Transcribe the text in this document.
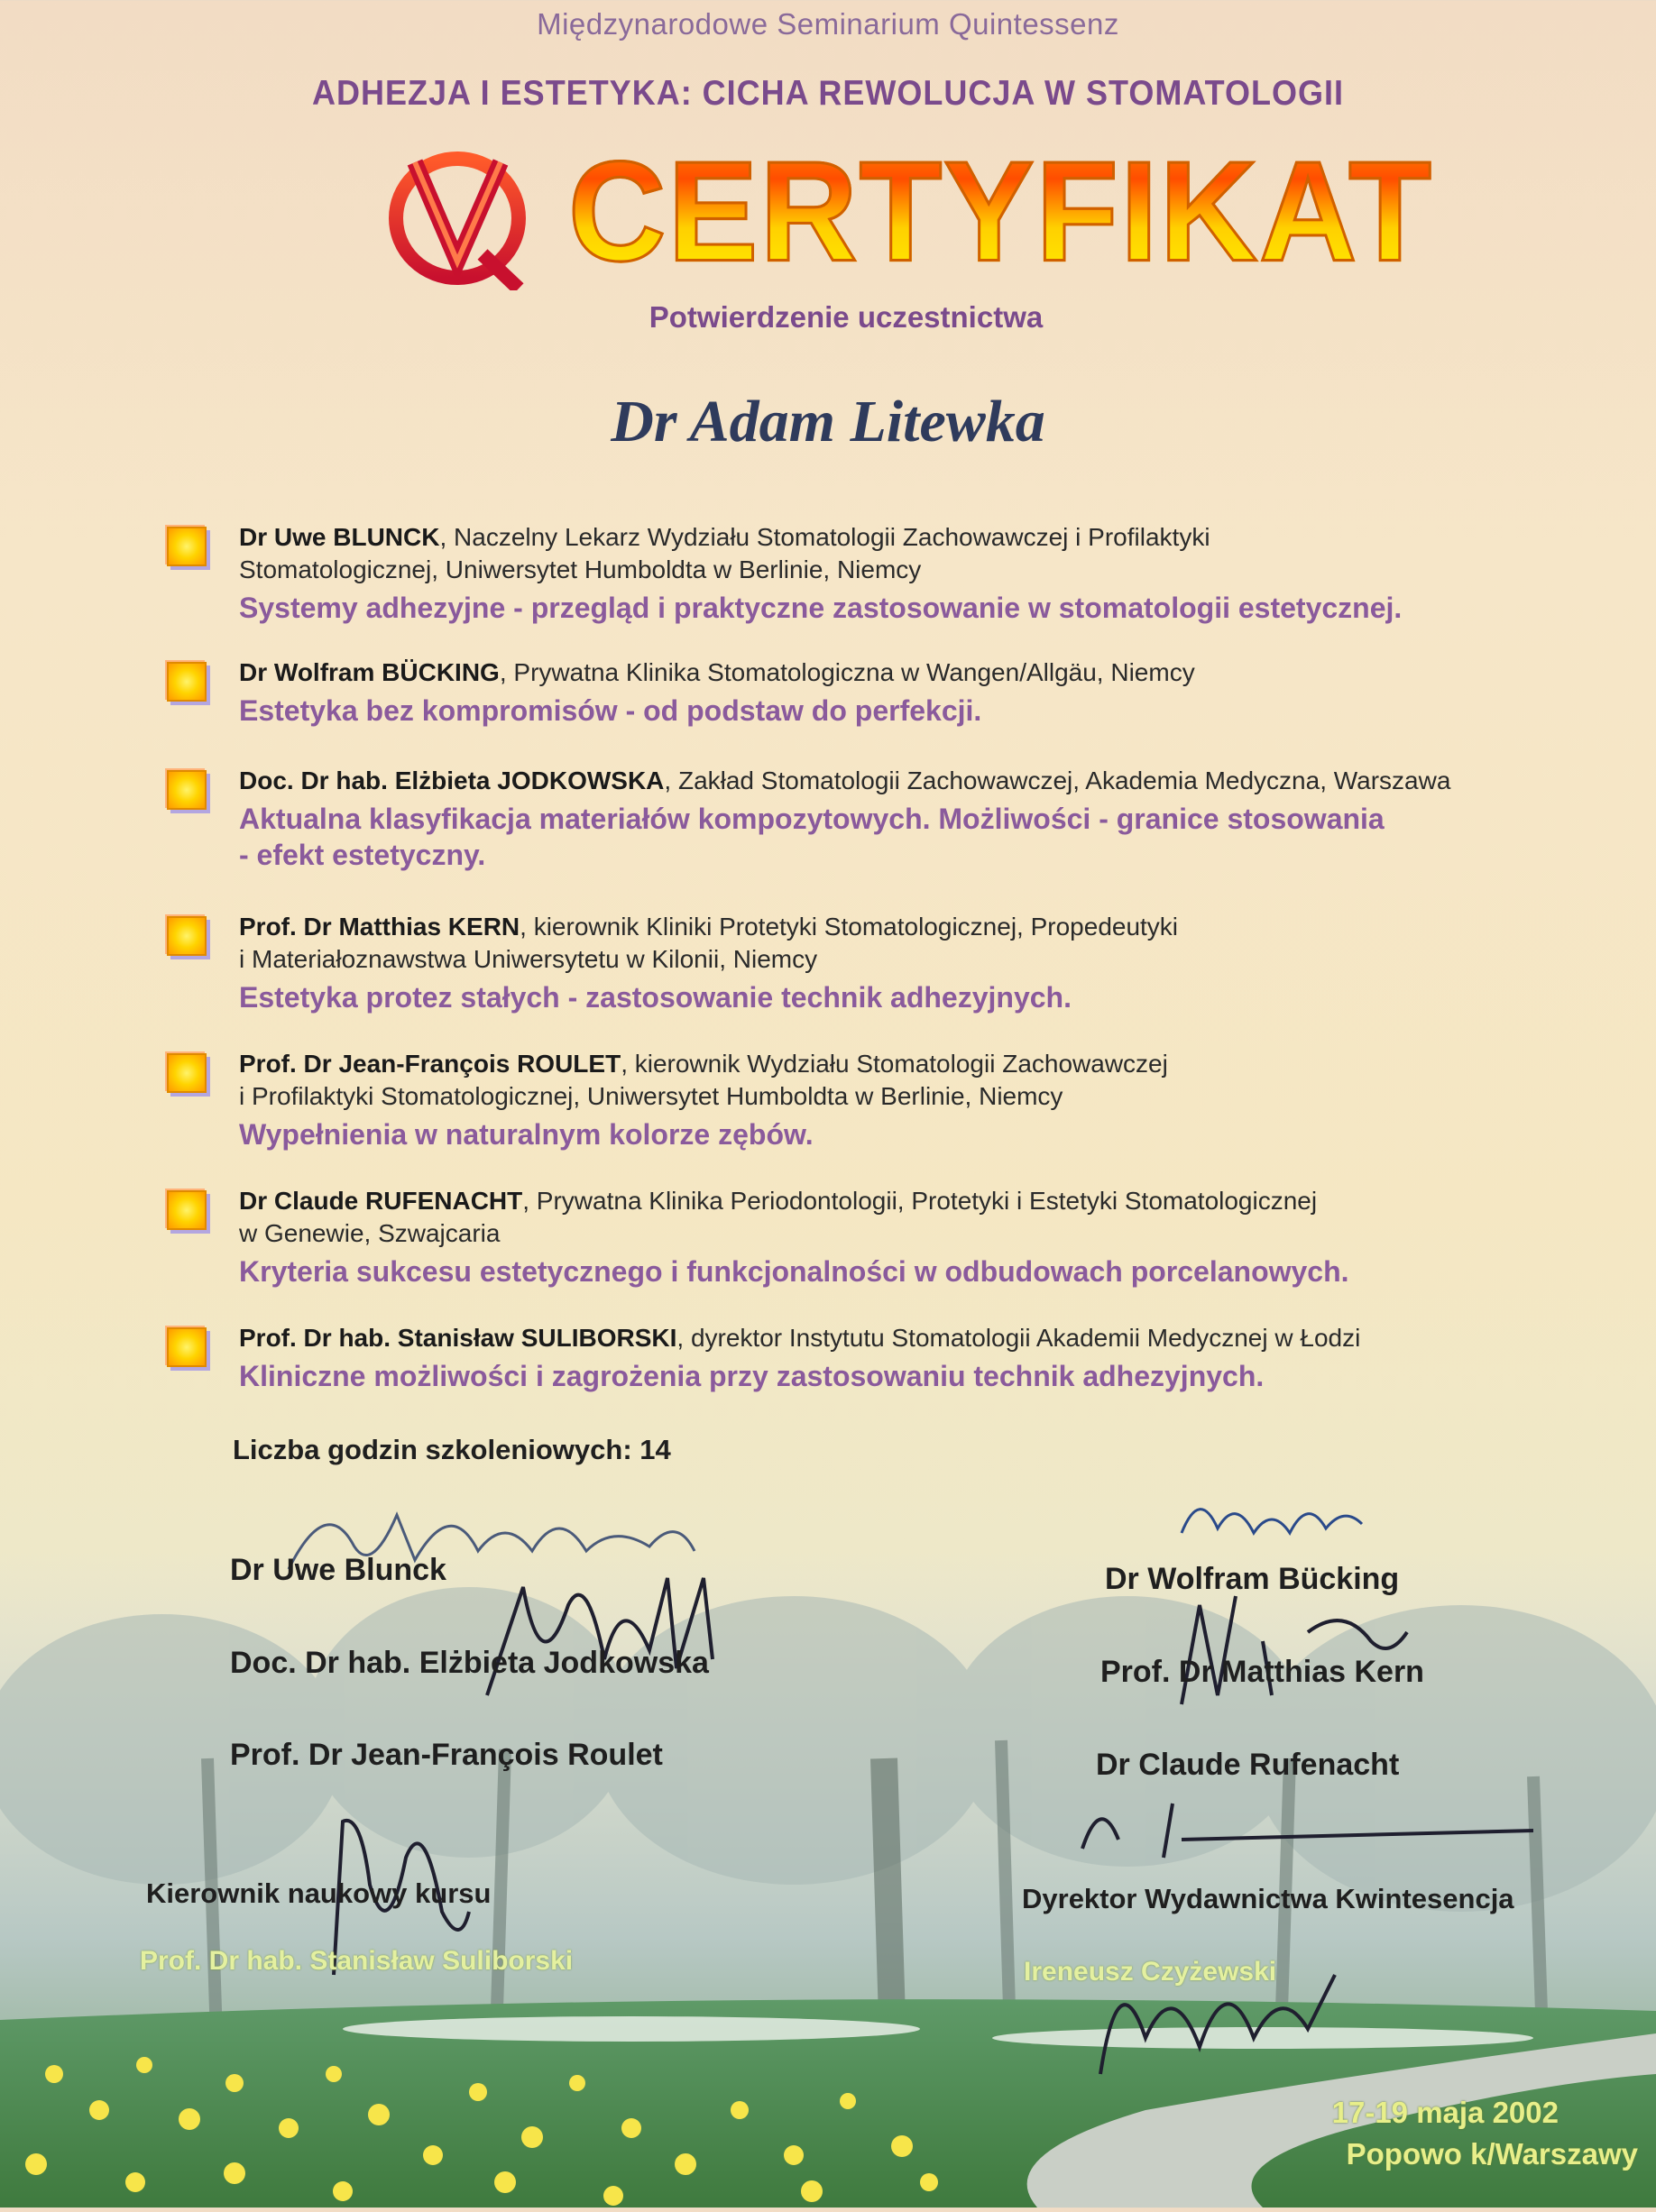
Międzynarodowe Seminarium Quintessenz
ADHEZJA I ESTETYKA: CICHA REWOLUCJA W STOMATOLOGII
CERTYFIKAT
Potwierdzenie uczestnictwa
Dr Adam Litewka
Dr Uwe BLUNCK, Naczelny Lekarz Wydziału Stomatologii Zachowawczej i Profilaktyki
Stomatologicznej, Uniwersytet Humboldta w Berlinie, Niemcy
Systemy adhezyjne - przegląd i praktyczne zastosowanie w stomatologii estetycznej.
Dr Wolfram BÜCKING, Prywatna Klinika Stomatologiczna w Wangen/Allgäu, Niemcy
Estetyka bez kompromisów - od podstaw do perfekcji.
Doc. Dr hab. Elżbieta JODKOWSKA, Zakład Stomatologii Zachowawczej, Akademia Medyczna, Warszawa
Aktualna klasyfikacja materiałów kompozytowych. Możliwości - granice stosowania
- efekt estetyczny.
Prof. Dr Matthias KERN, kierownik Kliniki Protetyki Stomatologicznej, Propedeutyki
i Materiałoznawstwa Uniwersytetu w Kilonii, Niemcy
Estetyka protez stałych - zastosowanie technik adhezyjnych.
Prof. Dr Jean-François ROULET, kierownik Wydziału Stomatologii Zachowawczej
i Profilaktyki Stomatologicznej, Uniwersytet Humboldta w Berlinie, Niemcy
Wypełnienia w naturalnym kolorze zębów.
Dr Claude RUFENACHT, Prywatna Klinika Periodontologii, Protetyki i Estetyki Stomatologicznej
w Genewie, Szwajcaria
Kryteria sukcesu estetycznego i funkcjonalności w odbudowach porcelanowych.
Prof. Dr hab. Stanisław SULIBORSKI, dyrektor Instytutu Stomatologii Akademii Medycznej w Łodzi
Kliniczne możliwości i zagrożenia przy zastosowaniu technik adhezyjnych.
Liczba godzin szkoleniowych: 14
Dr Uwe Blunck
Doc. Dr hab. Elżbieta Jodkowska
Prof. Dr Jean-François Roulet
Dr Wolfram Bücking
Prof. Dr Matthias Kern
Dr Claude Rufenacht
Kierownik naukowy kursu
Prof. Dr hab. Stanisław Suliborski
Dyrektor Wydawnictwa Kwintesencja
Ireneusz Czyżewski
17-19 maja 2002
Popowo k/Warszawy
